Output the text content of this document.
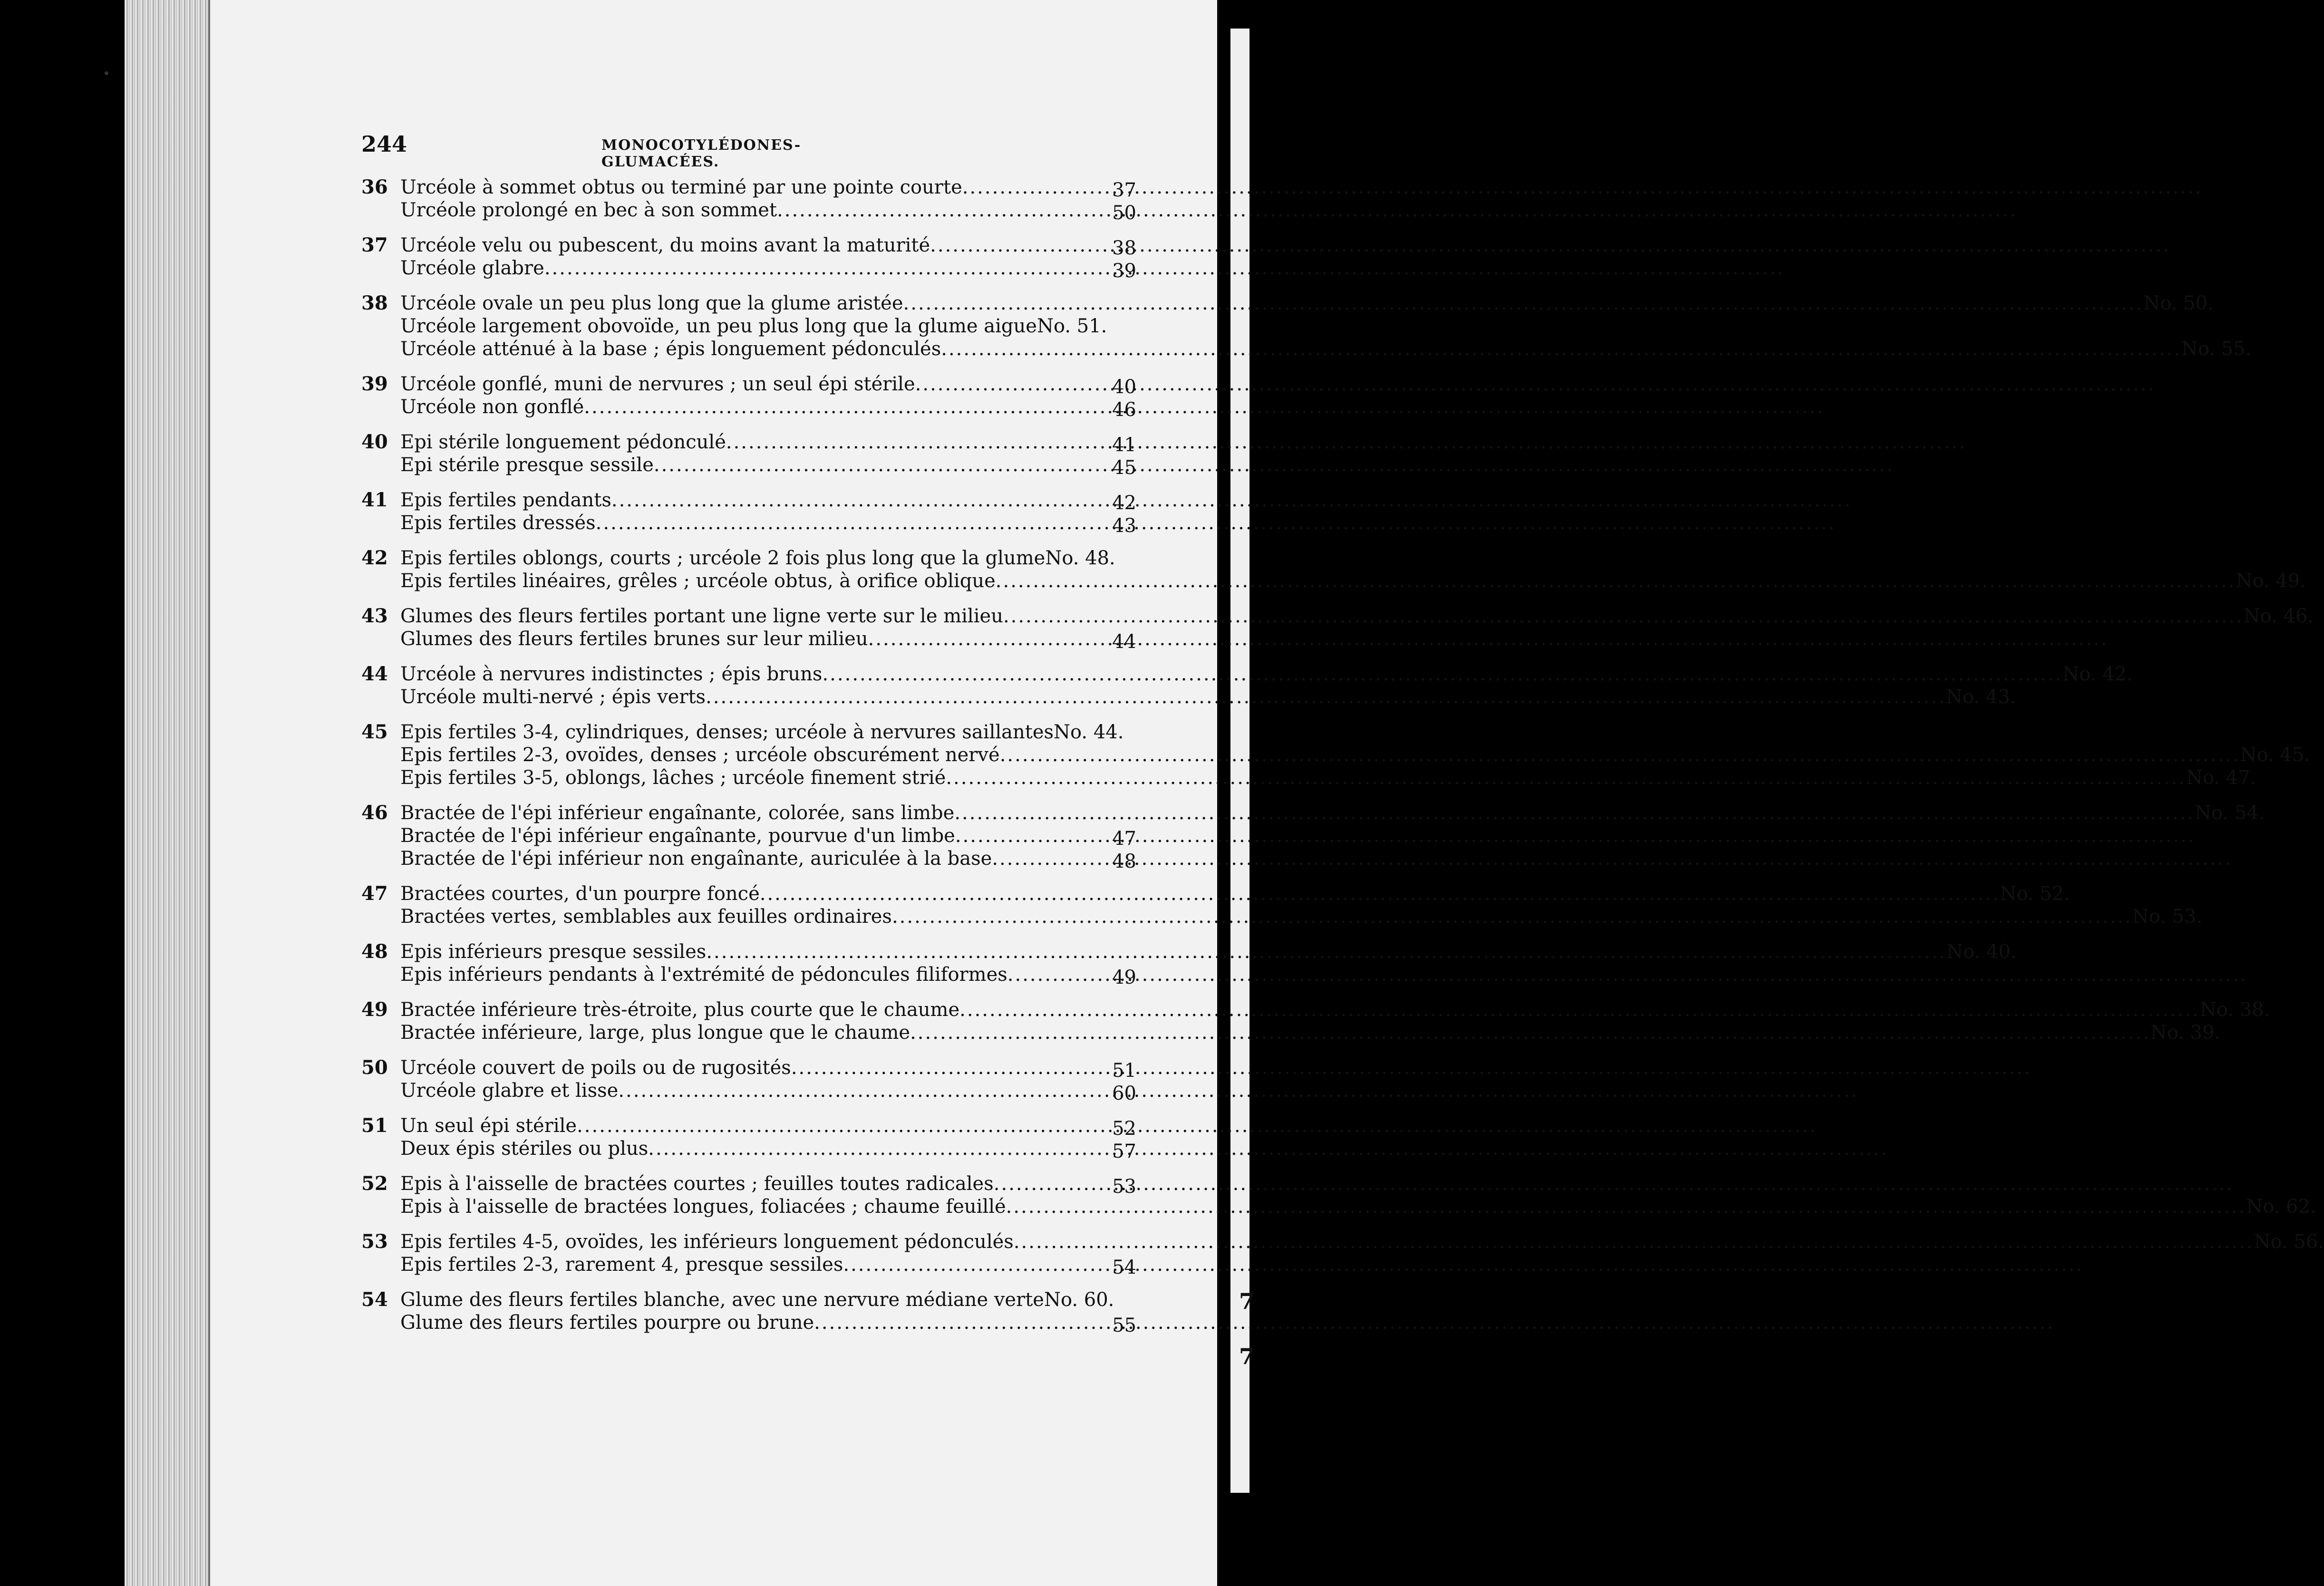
7
7
244	MONOCOTYLÉDONES-GLUMACÉES.
36 Urcéole à sommet obtus ou terminé par une pointe courte .....	37
Urcéole prolongé en bec à son sommet .....	50
37 Urcéole velu ou pubescent, du moins avant la maturité .....	38
Urcéole glabre .....	39
38 Urcéole ovale un peu plus long que la glume aristée .....	No. 50.
Urcéole largement obovoïde, un peu plus long que la glume aigue No. 51.
Urcéole atténué à la base ; épis longuement pédonculés .....	No. 55.
39 Urcéole gonflé, muni de nervures ; un seul épi stérile .....	40
Urcéole non gonflé .....	46
40 Epi stérile longuement pédonculé .....	41
Epi stérile presque sessile .....	45
41 Epis fertiles pendants .....	42
Epis fertiles dressés .....	43
42 Epis fertiles oblongs, courts ; urcéole 2 fois plus long que la glume No. 48.
Epis fertiles linéaires, grêles ; urcéole obtus, à orifice oblique .....	No. 49.
43 Glumes des fleurs fertiles portant une ligne verte sur le milieu .....	No. 46.
Glumes des fleurs fertiles brunes sur leur milieu .....	44
44 Urcéole à nervures indistinctes ; épis bruns .....	No. 42.
Urcéole multi-nervé ; épis verts .....	No. 43.
45 Epis fertiles 3-4, cylindriques, denses; urcéole à nervures saillantes No. 44.
Epis fertiles 2-3, ovoïdes, denses ; urcéole obscurément nervé .....	No. 45.
Epis fertiles 3-5, oblongs, lâches ; urcéole finement strié .....	No. 47.
46 Bractée de l'épi inférieur engaînante, colorée, sans limbe .....	No. 54.
Bractée de l'épi inférieur engaînante, pourvue d'un limbe .....	47
Bractée de l'épi inférieur non engaînante, auriculée à la base .....	48
47 Bractées courtes, d'un pourpre foncé .....	No. 52.
Bractées vertes, semblables aux feuilles ordinaires .....	No. 53.
48 Epis inférieurs presque sessiles .....	No. 40.
Epis inférieurs pendants à l'extrémité de pédoncules filiformes .....	49
49 Bractée inférieure très-étroite, plus courte que le chaume .....	No. 38.
Bractée inférieure, large, plus longue que le chaume .....	No. 39.
50 Urcéole couvert de poils ou de rugosités .....	51
Urcéole glabre et lisse .....	60
51 Un seul épi stérile .....	52
Deux épis stériles ou plus .....	57
52 Epis à l'aisselle de bractées courtes ; feuilles toutes radicales .....	53
Epis à l'aisselle de bractées longues, foliacées ; chaume feuillé .....	No. 62.
53 Epis fertiles 4-5, ovoïdes, les inférieurs longuement pédonculés .....	No. 56.
Epis fertiles 2-3, rarement 4, presque sessiles .....	54
54 Glume des fleurs fertiles blanche, avec une nervure médiane verte No. 60.
Glume des fleurs fertiles pourpre ou brune .....	55
